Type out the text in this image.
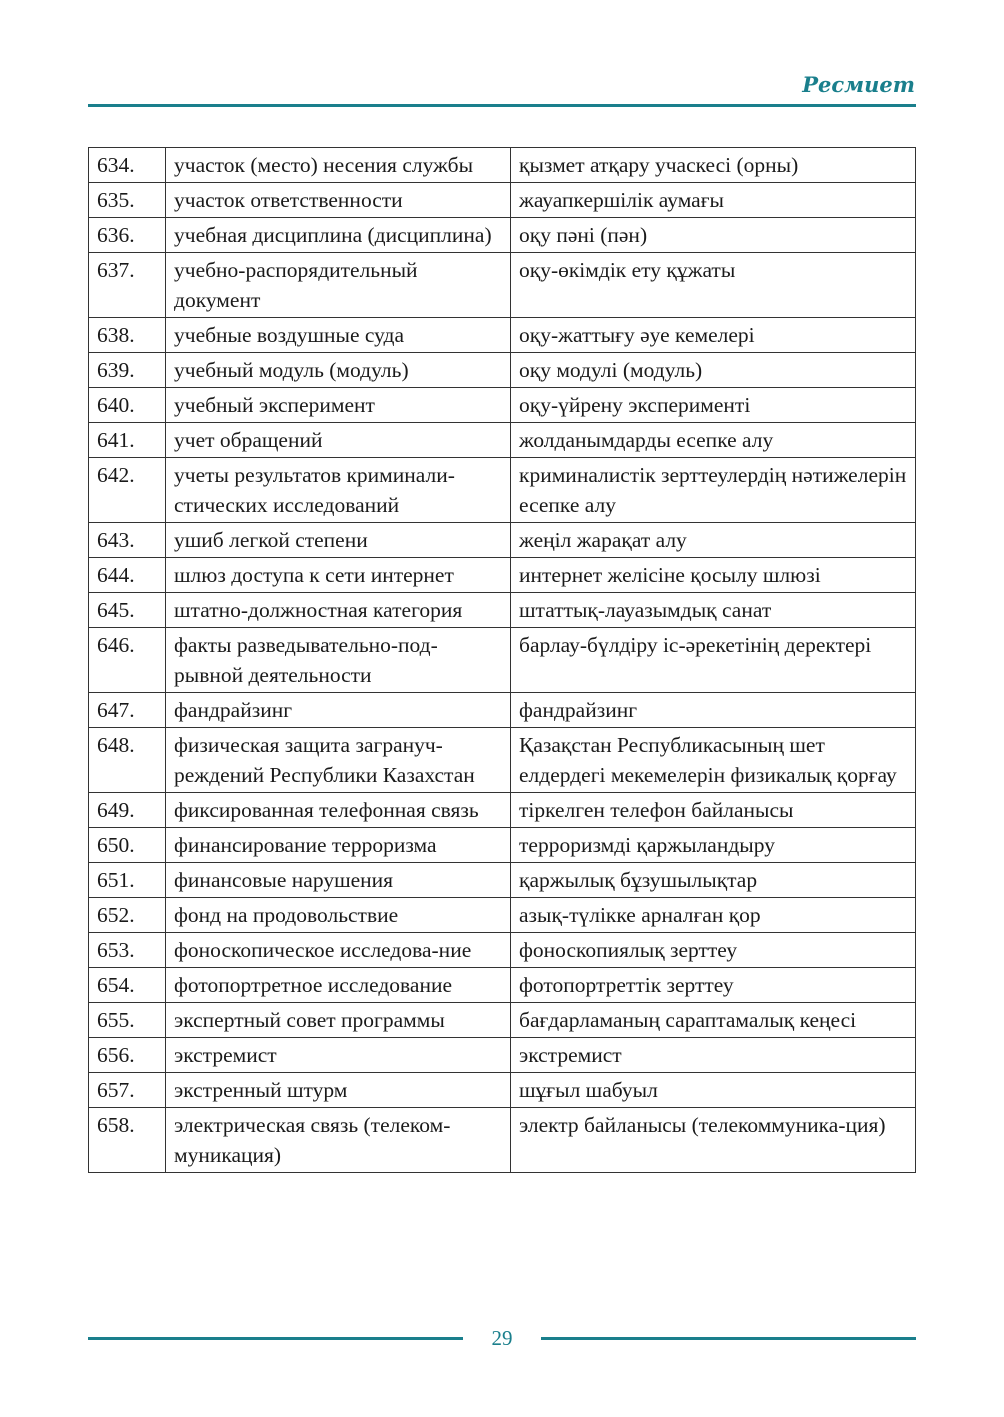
Ресмиет
634.	участок (место) несения службы	қызмет атқару учаскесі (орны)
635.	участок ответственности	жауапкершілік аумағы
636.	учебная дисциплина (дисциплина)	оқу пәні (пән)
637.	учебно-распорядительный документ	оқу-өкімдік ету құжаты
638.	учебные воздушные суда	оқу-жаттығу әуе кемелері
639.	учебный модуль (модуль)	оқу модулі (модуль)
640.	учебный эксперимент	оқу-үйрену эксперименті
641.	учет обращений	жолданымдарды есепке алу
642.	учеты результатов криминали-стических исследований	криминалистік зерттеулердің нәтижелерін есепке алу
643.	ушиб легкой степени	жеңіл жарақат алу
644.	шлюз доступа к сети интернет	интернет желісіне қосылу шлюзі
645.	штатно-должностная категория	штаттық-лауазымдық санат
646.	факты разведывательно-под-рывной деятельности	барлау-бүлдіру іс-әрекетінің деректері
647.	фандрайзинг	фандрайзинг
648.	физическая защита загрануч-реждений Республики Казахстан	Қазақстан Республикасының шет елдердегі мекемелерін физикалық қорғау
649.	фиксированная телефонная связь	тіркелген телефон байланысы
650.	финансирование терроризма	терроризмді қаржыландыру
651.	финансовые нарушения	қаржылық бұзушылықтар
652.	фонд на продовольствие	азық-түлікке арналған қор
653.	фоноскопическое исследова-ние	фоноскопиялық зерттеу
654.	фотопортретное исследование	фотопортреттік зерттеу
655.	экспертный совет программы	бағдарламаның сараптамалық кеңесі
656.	экстремист	экстремист
657.	экстренный штурм	шұғыл шабуыл
658.	электрическая связь (телеком-муникация)	электр байланысы (телекоммуника-ция)
29
